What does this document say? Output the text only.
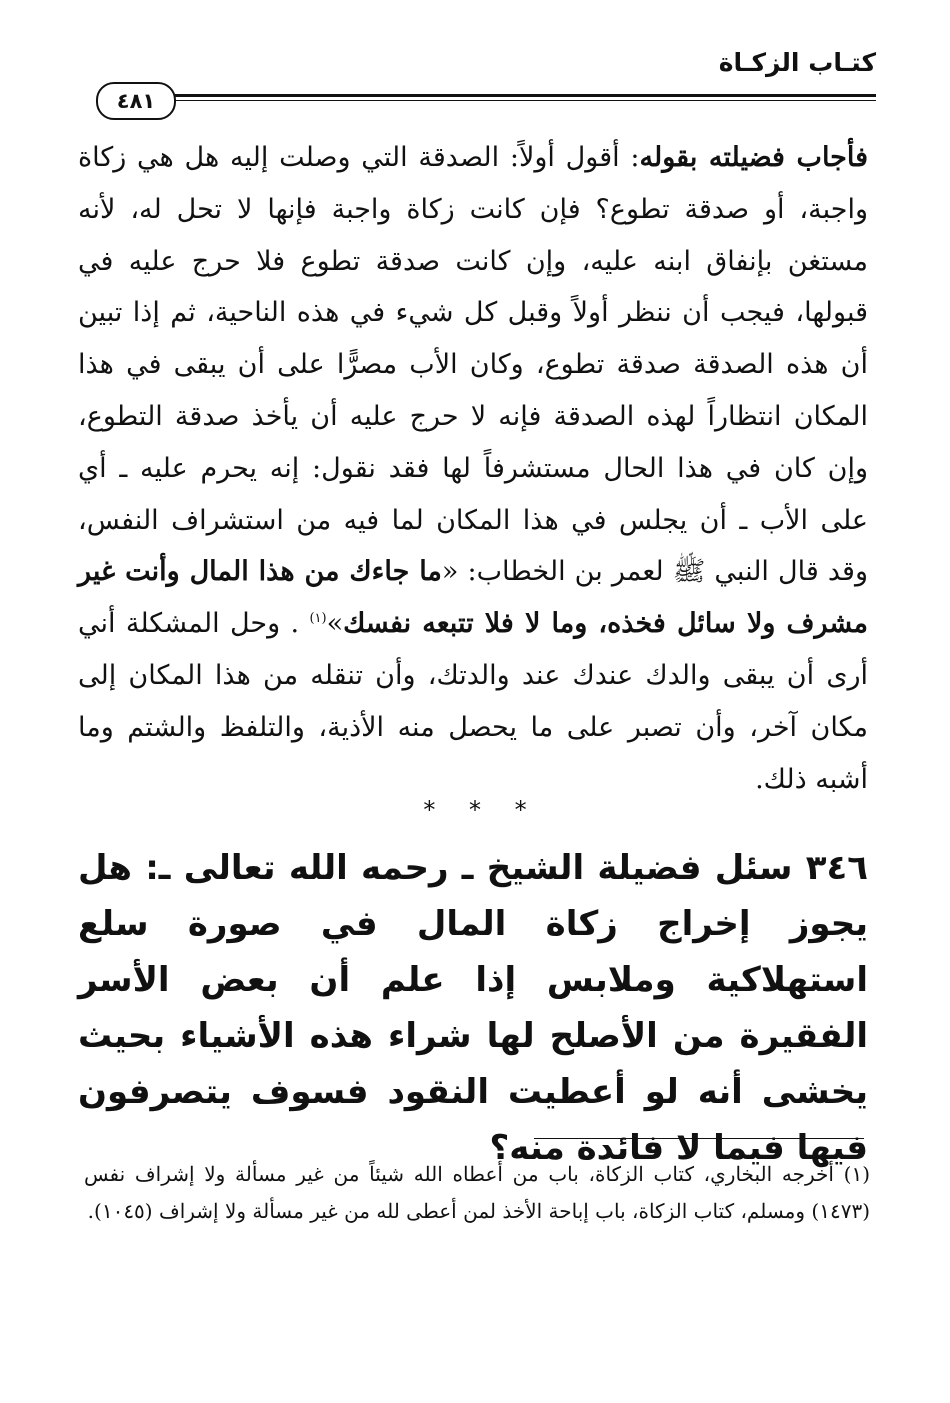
كتـاب الزكـاة
٤٨١

فأجاب فضيلته بقوله: أقول أولاً: الصدقة التي وصلت إليه هل هي زكاة واجبة، أو صدقة تطوع؟ فإن كانت زكاة واجبة فإنها لا تحل له، لأنه مستغن بإنفاق ابنه عليه، وإن كانت صدقة تطوع فلا حرج عليه في قبولها، فيجب أن ننظر أولاً وقبل كل شيء في هذه الناحية، ثم إذا تبين أن هذه الصدقة صدقة تطوع، وكان الأب مصرًّا على أن يبقى في هذا المكان انتظاراً لهذه الصدقة فإنه لا حرج عليه أن يأخذ صدقة التطوع، وإن كان في هذا الحال مستشرفاً لها فقد نقول: إنه يحرم عليه ـ أي على الأب ـ أن يجلس في هذا المكان لما فيه من استشراف النفس، وقد قال النبي ﷺ لعمر بن الخطاب: «ما جاءك من هذا المال وأنت غير مشرف ولا سائل فخذه، وما لا فلا تتبعه نفسك»$^{(١)}$ . وحل المشكلة أني أرى أن يبقى والدك عندك عند والدتك، وأن تنقله من هذا المكان إلى مكان آخر، وأن تصبر على ما يحصل منه الأذية، والتلفظ والشتم وما أشبه ذلك.

* * *

٣٤٦ سئل فضيلة الشيخ ـ رحمه الله تعالى ـ: هل يجوز إخراج زكاة المال في صورة سلع استهلاكية وملابس إذا علم أن بعض الأسر الفقيرة من الأصلح لها شراء هذه الأشياء بحيث يخشى أنه لو أعطيت النقود فسوف يتصرفون فيها فيما لا فائدة منه؟

(١) أخرجه البخاري، كتاب الزكاة، باب من أعطاه الله شيئاً من غير مسألة ولا إشراف نفس (١٤٧٣) ومسلم، كتاب الزكاة، باب إباحة الأخذ لمن أعطى لله من غير مسألة ولا إشراف (١٠٤٥).
